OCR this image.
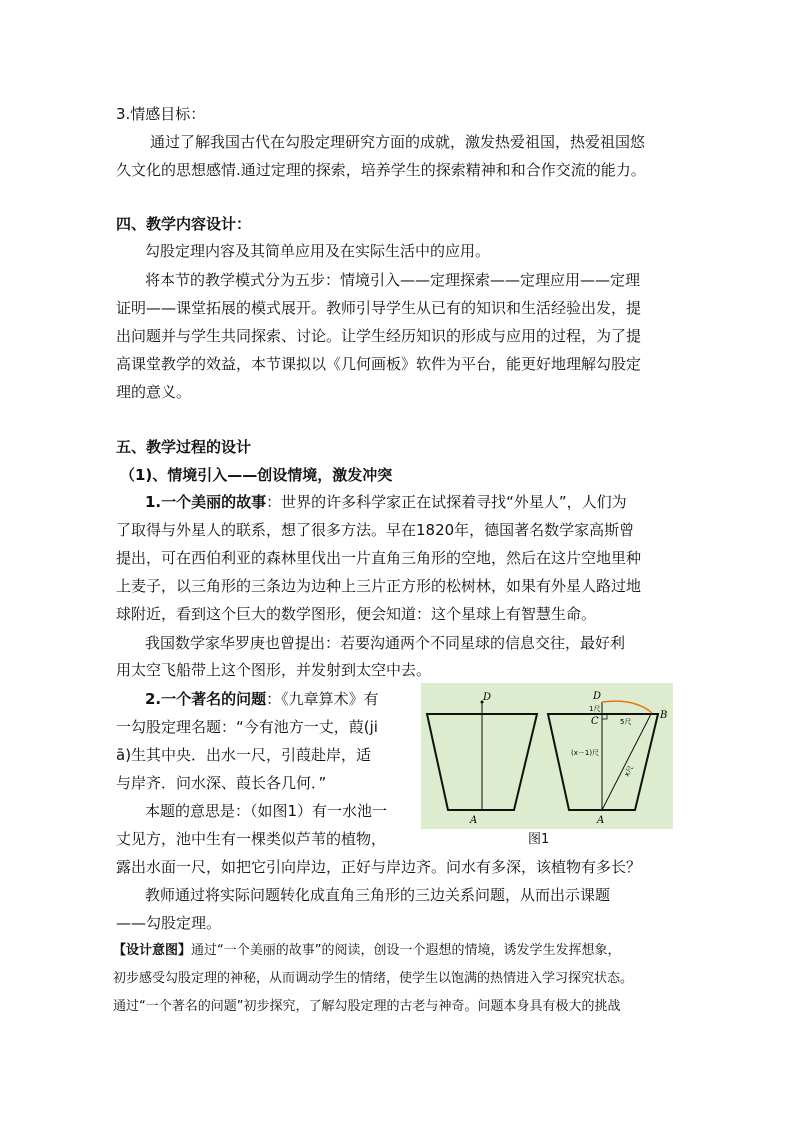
3.情感目标：
通过了解我国古代在勾股定理研究方面的成就，激发热爱祖国，热爱祖国悠
久文化的思想感情.通过定理的探索，培养学生的探索精神和和合作交流的能力。
四、教学内容设计：
勾股定理内容及其简单应用及在实际生活中的应用。
将本节的教学模式分为五步：情境引入——定理探索——定理应用——定理
证明——课堂拓展的模式展开。教师引导学生从已有的知识和生活经验出发，提
出问题并与学生共同探索、讨论。让学生经历知识的形成与应用的过程，为了提
高课堂教学的效益，本节课拟以《几何画板》软件为平台，能更好地理解勾股定
理的意义。
五、教学过程的设计
（1)、情境引入——创设情境，激发冲突
1.一个美丽的故事：世界的许多科学家正在试探着寻找“外星人”，人们为
了取得与外星人的联系，想了很多方法。早在1820年，德国著名数学家高斯曾
提出，可在西伯利亚的森林里伐出一片直角三角形的空地，然后在这片空地里种
上麦子，以三角形的三条边为边种上三片正方形的松树林，如果有外星人路过地
球附近，看到这个巨大的数学图形，便会知道：这个星球上有智慧生命。
我国数学家华罗庚也曾提出：若要沟通两个不同星球的信息交往，最好利
用太空飞船带上这个图形，并发射到太空中去。
2.一个著名的问题：《九章算术》有
一勾股定理名题：“今有池方一丈，葭(ji
ā)生其中央．出水一尺，引葭赴岸，适
与岸齐．问水深、葭长各几何．”
本题的意思是：（如图1）有一水池一
丈见方，池中生有一棵类似芦苇的植物，
露出水面一尺，如把它引向岸边，正好与岸边齐。问水有多深，该植物有多长？
教师通过将实际问题转化成直角三角形的三边关系问题，从而出示课题
——勾股定理。
【设计意图】通过“一个美丽的故事”的阅读，创设一个遐想的情境，诱发学生发挥想象，
初步感受勾股定理的神秘，从而调动学生的情绪，使学生以饱满的热情进入学习探究状态。
通过“一个著名的问题”初步探究，了解勾股定理的古老与神奇。问题本身具有极大的挑战
D
A
D
C
B
A
1尺
5尺
(x－1)尺
x尺
图1
